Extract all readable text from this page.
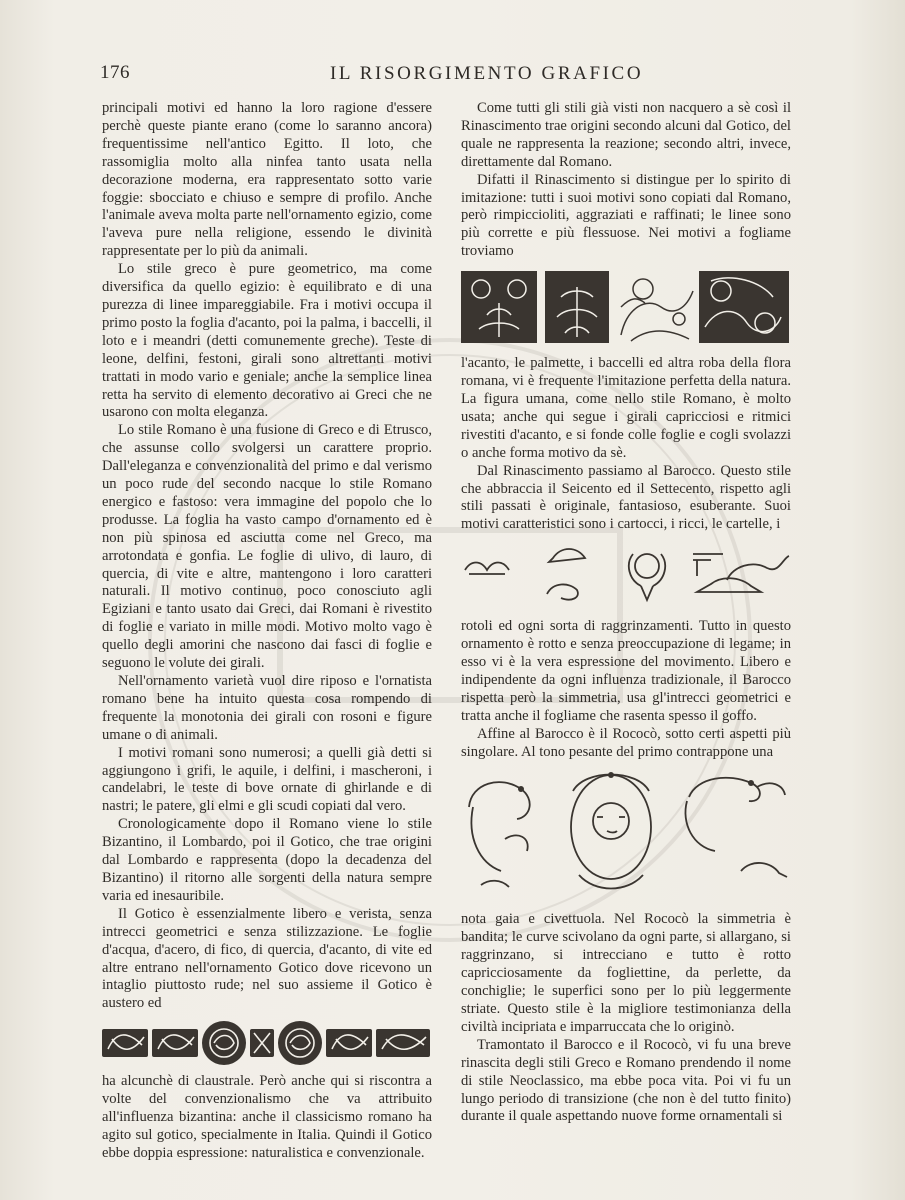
176	IL RISORGIMENTO GRAFICO

principali motivi ed hanno la loro ragione d'essere perchè queste piante erano (come lo saranno ancora) frequentissime nell'antico Egitto. Il loto, che rassomiglia molto alla ninfea tanto usata nella decorazione moderna, era rappresentato sotto varie foggie: sbocciato e chiuso e sempre di profilo. Anche l'animale aveva molta parte nell'ornamento egizio, come l'aveva pure nella religione, essendo le divinità rappresentate per lo più da animali.

Lo stile greco è pure geometrico, ma come diversifica da quello egizio: è equilibrato e di una purezza di linee impareggiabile. Fra i motivi occupa il primo posto la foglia d'acanto, poi la palma, i baccelli, il loto e i meandri (detti comunemente greche). Teste di leone, delfini, festoni, girali sono altrettanti motivi trattati in modo vario e geniale; anche la semplice linea retta ha servito di elemento decorativo ai Greci che ne usarono con molta eleganza.

Lo stile Romano è una fusione di Greco e di Etrusco, che assunse collo svolgersi un carattere proprio. Dall'eleganza e convenzionalità del primo e dal verismo un poco rude del secondo nacque lo stile Romano energico e fastoso: vera immagine del popolo che lo produsse. La foglia ha vasto campo d'ornamento ed è non più spinosa ed asciutta come nel Greco, ma arrotondata e gonfia. Le foglie di ulivo, di lauro, di quercia, di vite e altre, mantengono i loro caratteri naturali. Il motivo continuo, poco conosciuto agli Egiziani e tanto usato dai Greci, dai Romani è rivestito di foglie e variato in mille modi. Motivo molto vago è quello degli amorini che nascono dai fasci di foglie e seguono le volute dei girali.

Nell'ornamento varietà vuol dire riposo e l'ornatista romano bene ha intuito questa cosa rompendo di frequente la monotonia dei girali con rosoni e figure umane o di animali.

I motivi romani sono numerosi; a quelli già detti si aggiungono i grifi, le aquile, i delfini, i mascheroni, i candelabri, le teste di bove ornate di ghirlande e di nastri; le patere, gli elmi e gli scudi copiati dal vero.

Cronologicamente dopo il Romano viene lo stile Bizantino, il Lombardo, poi il Gotico, che trae origini dal Lombardo e rappresenta (dopo la decadenza del Bizantino) il ritorno alle sorgenti della natura sempre varia ed inesauribile.

Il Gotico è essenzialmente libero e verista, senza intrecci geometrici e senza stilizzazione. Le foglie d'acqua, d'acero, di fico, di quercia, d'acanto, di vite ed altre entrano nell'ornamento Gotico dove ricevono un intaglio piuttosto rude; nel suo assieme il Gotico è austero ed

ha alcunchè di claustrale. Però anche qui si riscontra a volte del convenzionalismo che va attribuito all'influenza bizantina: anche il classicismo romano ha agito sul gotico, specialmente in Italia. Quindi il Gotico ebbe doppia espressione: naturalistica e convenzionale.

Come tutti gli stili già visti non nacquero a sè così il Rinascimento trae origini secondo alcuni dal Gotico, del quale ne rappresenta la reazione; secondo altri, invece, direttamente dal Romano.

Difatti il Rinascimento si distingue per lo spirito di imitazione: tutti i suoi motivi sono copiati dal Romano, però rimpiccioliti, aggraziati e raffinati; le linee sono più corrette e più flessuose. Nei motivi a fogliame troviamo

l'acanto, le palmette, i baccelli ed altra roba della flora romana, vi è frequente l'imitazione perfetta della natura. La figura umana, come nello stile Romano, è molto usata; anche qui segue i girali capricciosi e ritmici rivestiti d'acanto, e si fonde colle foglie e cogli svolazzi o anche forma motivo da sè.

Dal Rinascimento passiamo al Barocco. Questo stile che abbraccia il Seicento ed il Settecento, rispetto agli stili passati è originale, fantasioso, esuberante. Suoi motivi caratteristici sono i cartocci, i ricci, le cartelle, i

rotoli ed ogni sorta di raggrinzamenti. Tutto in questo ornamento è rotto e senza preoccupazione di legame; in esso vi è la vera espressione del movimento. Libero e indipendente da ogni influenza tradizionale, il Barocco rispetta però la simmetria, usa gl'intrecci geometrici e tratta anche il fogliame che rasenta spesso il goffo.

Affine al Barocco è il Rococò, sotto certi aspetti più singolare. Al tono pesante del primo contrappone una

nota gaia e civettuola. Nel Rococò la simmetria è bandita; le curve scivolano da ogni parte, si allargano, si raggrinzano, si intrecciano e tutto è rotto capricciosamente da fogliettine, da perlette, da conchiglie; le superfici sono per lo più leggermente striate. Questo stile è la migliore testimonianza della civiltà incipriata e imparruccata che lo originò.

Tramontato il Barocco e il Rococò, vi fu una breve rinascita degli stili Greco e Romano prendendo il nome di stile Neoclassico, ma ebbe poca vita. Poi vi fu un lungo periodo di transizione (che non è del tutto finito) durante il quale aspettando nuove forme ornamentali si
